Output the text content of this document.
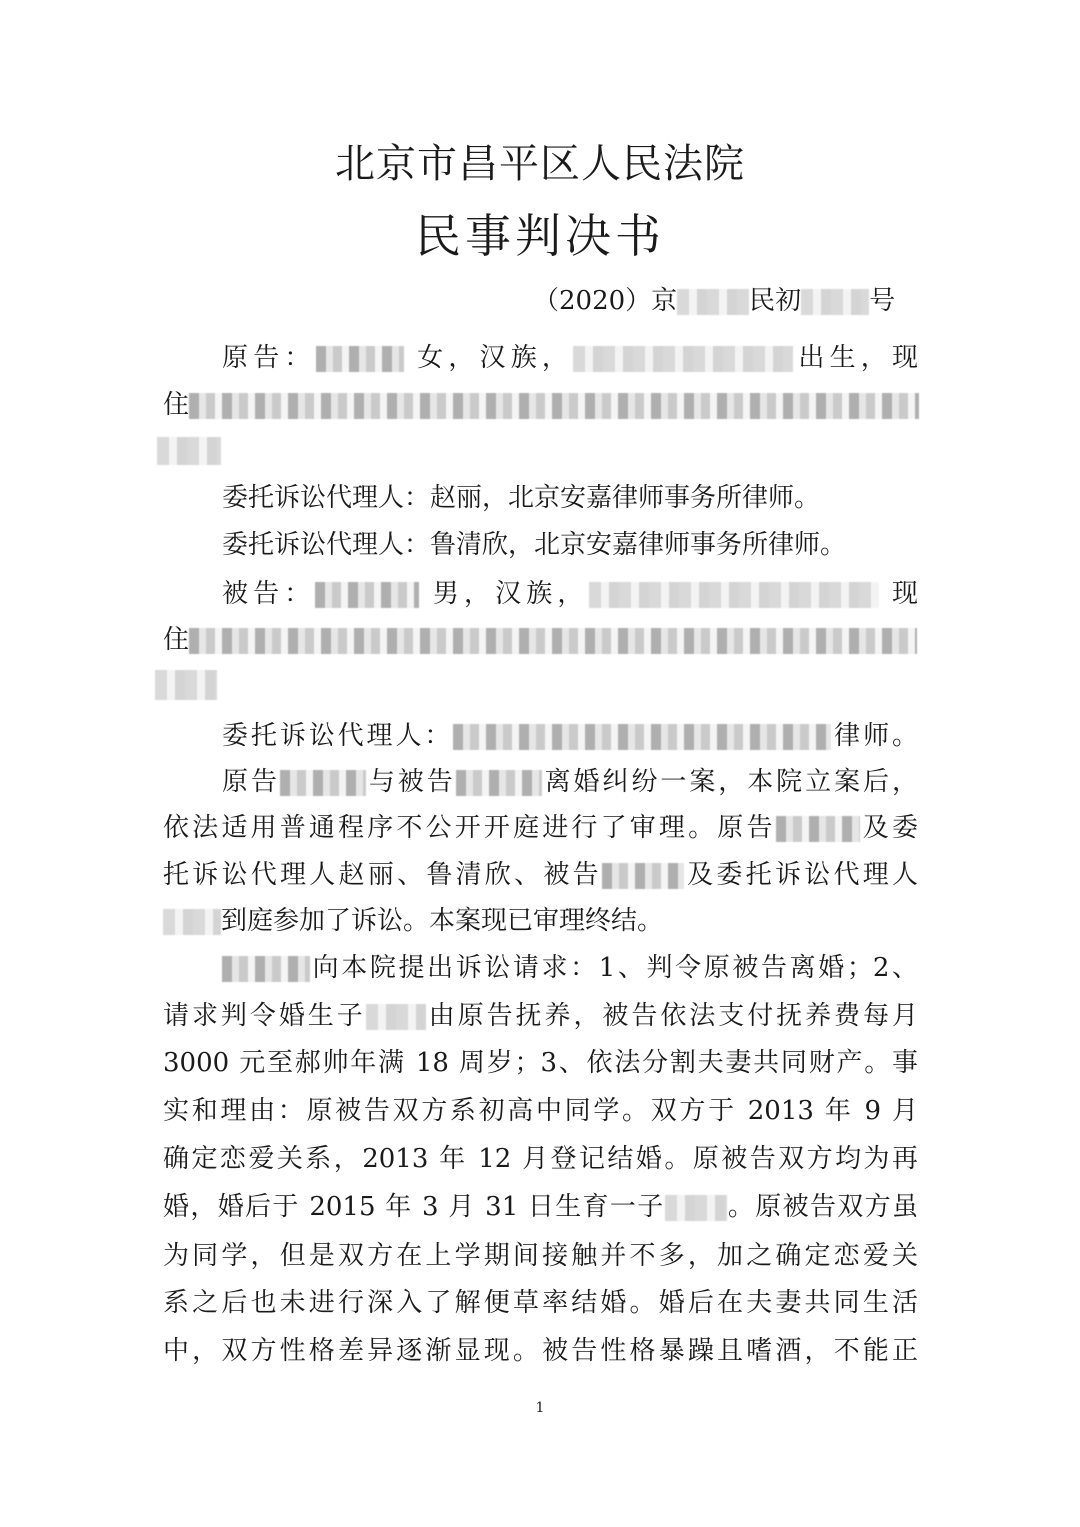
北京市昌平区人民法院
民事判决书
（2020）京	民初	号
原告：	女，汉族，	出生，现
住
委托诉讼代理人：赵丽，北京安嘉律师事务所律师。
委托诉讼代理人：鲁清欣，北京安嘉律师事务所律师。
被告：	男，汉族，	现
住
委托诉讼代理人：	律师。
原告	与被告	离婚纠纷一案，本院立案后，
依法适用普通程序不公开开庭进行了审理。原告	及委
托诉讼代理人赵丽、鲁清欣、被告	及委托诉讼代理人
到庭参加了诉讼。本案现已审理终结。
向本院提出诉讼请求：1、判令原被告离婚；2、
请求判令婚生子 由原告抚养，被告依法支付抚养费每月
3000 元至郝帅年满 18 周岁；3、依法分割夫妻共同财产。事
实和理由：原被告双方系初高中同学。双方于 2013 年 9 月
确定恋爱关系，2013 年 12 月登记结婚。原被告双方均为再
婚，婚后于 2015 年 3 月 31 日生育一子 。原被告双方虽
为同学，但是双方在上学期间接触并不多，加之确定恋爱关
系之后也未进行深入了解便草率结婚。婚后在夫妻共同生活
中，双方性格差异逐渐显现。被告性格暴躁且嗜酒，不能正
1
